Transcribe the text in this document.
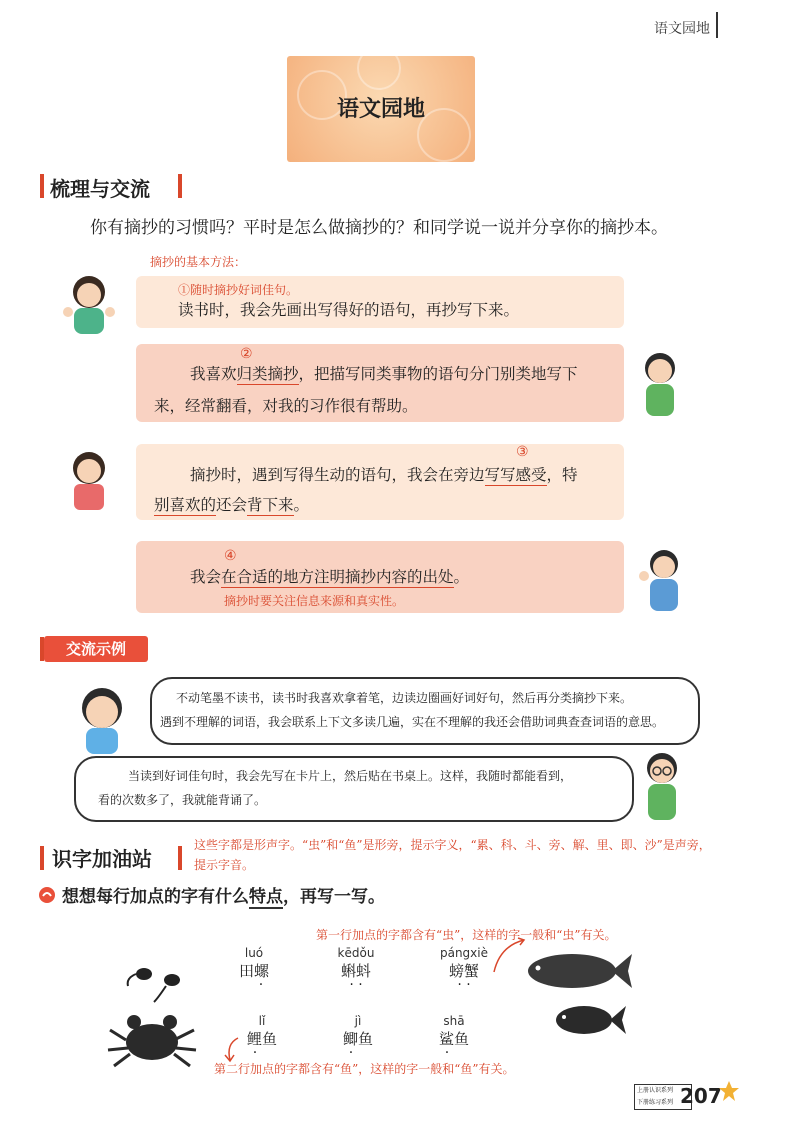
语文园地
语文园地
梳理与交流
你有摘抄的习惯吗？平时是怎么做摘抄的？和同学说一说并分享你的摘抄本。
摘抄的基本方法：
①随时摘抄好词佳句。
读书时，我会先画出写得好的语句，再抄写下来。
②
我喜欢归类摘抄，把描写同类事物的语句分门别类地写下
来，经常翻看，对我的习作很有帮助。
③
摘抄时，遇到写得生动的语句，我会在旁边写写感受，特
别喜欢的还会背下来。
④
我会在合适的地方注明摘抄内容的出处。
摘抄时要关注信息来源和真实性。
交流示例
不动笔墨不读书，读书时我喜欢拿着笔，边读边圈画好词好句，然后再分类摘抄下来。
遇到不理解的词语，我会联系上下文多读几遍，实在不理解的我还会借助词典查查词语的意思。
当读到好词佳句时，我会先写在卡片上，然后贴在书桌上。这样，我随时都能看到，
看的次数多了，我就能背诵了。
识字加油站
这些字都是形声字。“虫”和“鱼”是形旁，提示字义，“累、科、斗、旁、解、里、即、沙”是声旁，
提示字音。
想想每行加点的字有什么特点，再写一写。
第一行加点的字都含有“虫”，这样的字一般和“虫”有关。
第二行加点的字都含有“鱼”，这样的字一般和“鱼”有关。
luó
田螺
·
kēdǒu
蝌蚪
· ·
pángxiè
螃蟹
· ·
lǐ
鲤鱼
·
jì
鲫鱼
·
shā
鲨鱼
·
上册认识系列
下册练习系列 207
